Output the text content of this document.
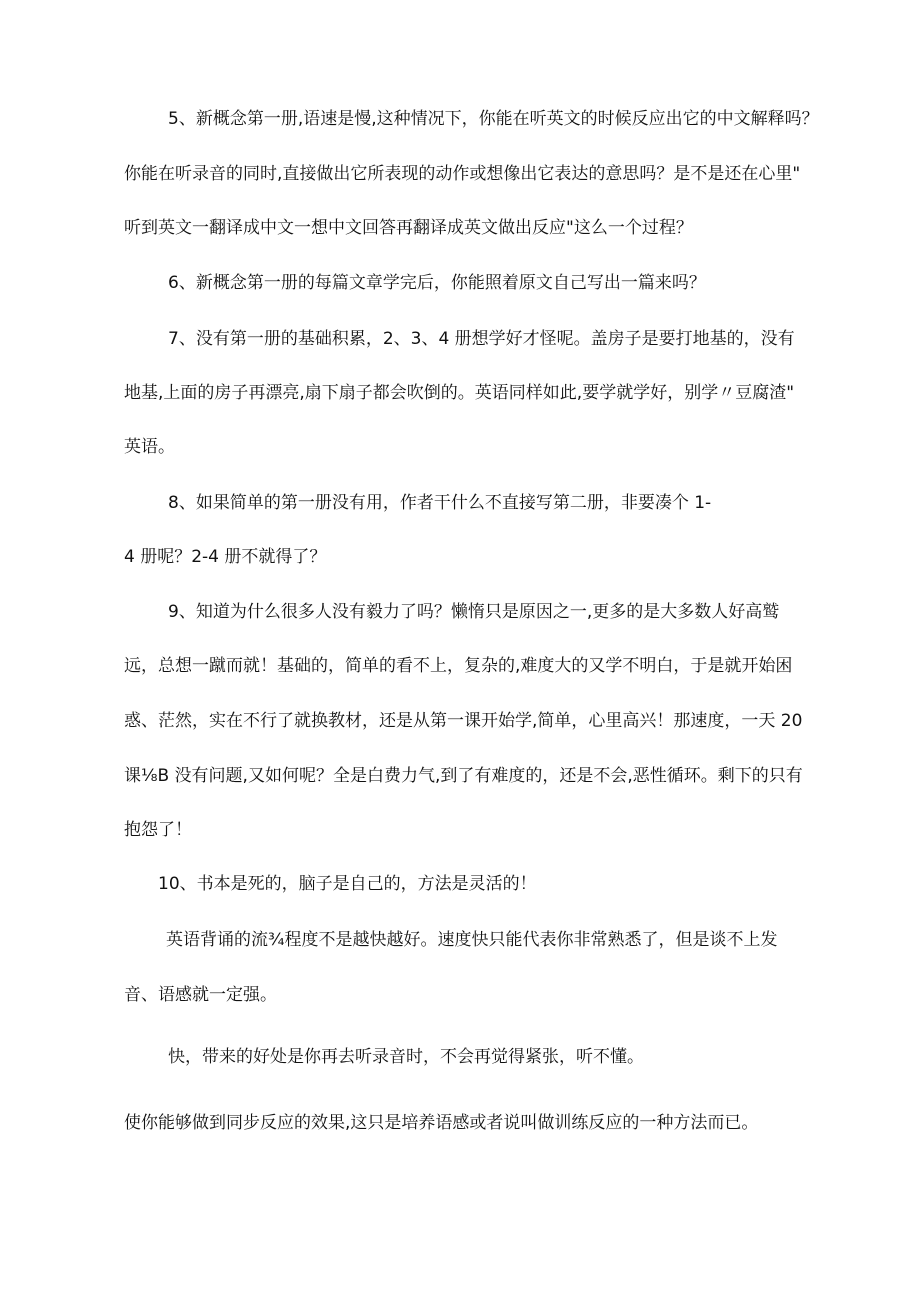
5、新概念第一册,语速是慢,这种情况下，你能在听英文的时候反应出它的中文解释吗？
你能在听录音的同时,直接做出它所表现的动作或想像出它表达的意思吗？是不是还在心里"
听到英文一翻译成中文一想中文回答再翻译成英文做出反应"这么一个过程？
6、新概念第一册的每篇文章学完后，你能照着原文自己写出一篇来吗？
7、没有第一册的基础积累，2、3、4 册想学好才怪呢。盖房子是要打地基的，没有
地基,上面的房子再漂亮,扇下扇子都会吹倒的。英语同样如此,要学就学好，别学〃豆腐渣"
英语。
8、如果简单的第一册没有用，作者干什么不直接写第二册，非要凑个 1-
4 册呢？2-4 册不就得了？
9、知道为什么很多人没有毅力了吗？懒惰只是原因之一,更多的是大多数人好高鹫
远，总想一蹴而就！基础的，简单的看不上，复杂的,难度大的又学不明白，于是就开始困
惑、茫然，实在不行了就换教材，还是从第一课开始学,简单，心里高兴！那速度，一天 20
课⅛B 没有问题,又如何呢？全是白费力气,到了有难度的，还是不会,恶性循环。剩下的只有
抱怨了！
10、书本是死的，脑子是自己的，方法是灵活的！
英语背诵的流¾程度不是越快越好。速度快只能代表你非常熟悉了，但是谈不上发
音、语感就一定强。
快，带来的好处是你再去听录音时，不会再觉得紧张，听不懂。
使你能够做到同步反应的效果,这只是培养语感或者说叫做训练反应的一种方法而已。
